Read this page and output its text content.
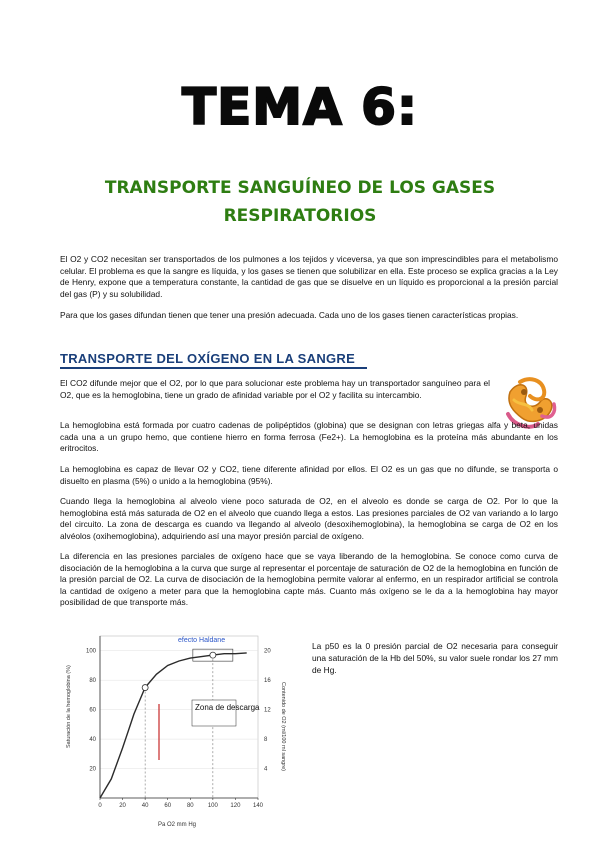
TEMA 6:
TRANSPORTE SANGUÍNEO DE LOS GASES RESPIRATORIOS

El O2 y CO2 necesitan ser transportados de los pulmones a los tejidos y viceversa, ya que son imprescindibles para el metabolismo celular. El problema es que la sangre es líquida, y los gases se tienen que solubilizar en ella. Este proceso se explica gracias a la Ley de Henry, expone que a temperatura constante, la cantidad de gas que se disuelve en un líquido es proporcional a la presión parcial del gas (P) y su solubilidad.

Para que los gases difundan tienen que tener una presión adecuada. Cada uno de los gases tienen características propias.

TRANSPORTE DEL OXÍGENO EN LA SANGRE

El CO2 difunde mejor que el O2, por lo que para solucionar este problema hay un transportador sanguíneo para el O2, que es la hemoglobina, tiene un grado de afinidad variable por el O2 y facilita su intercambio.

La hemoglobina está formada por cuatro cadenas de polipéptidos (globina) que se designan con letras griegas alfa y beta, unidas cada una a un grupo hemo, que contiene hierro en forma ferrosa (Fe2+). La hemoglobina es la proteína más abundante en los eritrocitos.

La hemoglobina es capaz de llevar O2 y CO2, tiene diferente afinidad por ellos. El O2 es un gas que no difunde, se transporta o disuelto en plasma (5%) o unido a la hemoglobina (95%).

Cuando llega la hemoglobina al alveolo viene poco saturada de O2, en el alveolo es donde se carga de O2. Por lo que la hemoglobina está más saturada de O2 en el alveolo que cuando llega a estos. Las presiones parciales de O2 van variando a lo largo del circuito. La zona de descarga es cuando va llegando al alveolo (desoxihemoglobina), la hemoglobina se carga de O2 en los alvéolos (oxihemoglobina), adquiriendo así una mayor presión parcial de oxígeno.

La diferencia en las presiones parciales de oxígeno hace que se vaya liberando de la hemoglobina. Se conoce como curva de disociación de la hemoglobina a la curva que surge al representar el porcentaje de saturación de O2 de la hemoglobina en función de la presión parcial de O2. La curva de disociación de la hemoglobina permite valorar al enfermo, en un respirador artificial se controla la cantidad de oxígeno a meter para que la hemoglobina capte más. Cuanto más oxígeno se le da a la hemoglobina hay mayor posibilidad de que transporte más.

20
40
60
80
100
4
8
12
16
20
0	20	40	60	80 100 120 140
Saturación de la hemoglobina (%)	Contenido de O2 (ml/100 ml sangre)
Pa O2 mm Hg
efecto Haldane
Zona de descarga

La p50 es la 0 presión parcial de O2 necesaria para conseguir una saturación de la Hb del 50%, su valor suele rondar los 27 mm de Hg.
